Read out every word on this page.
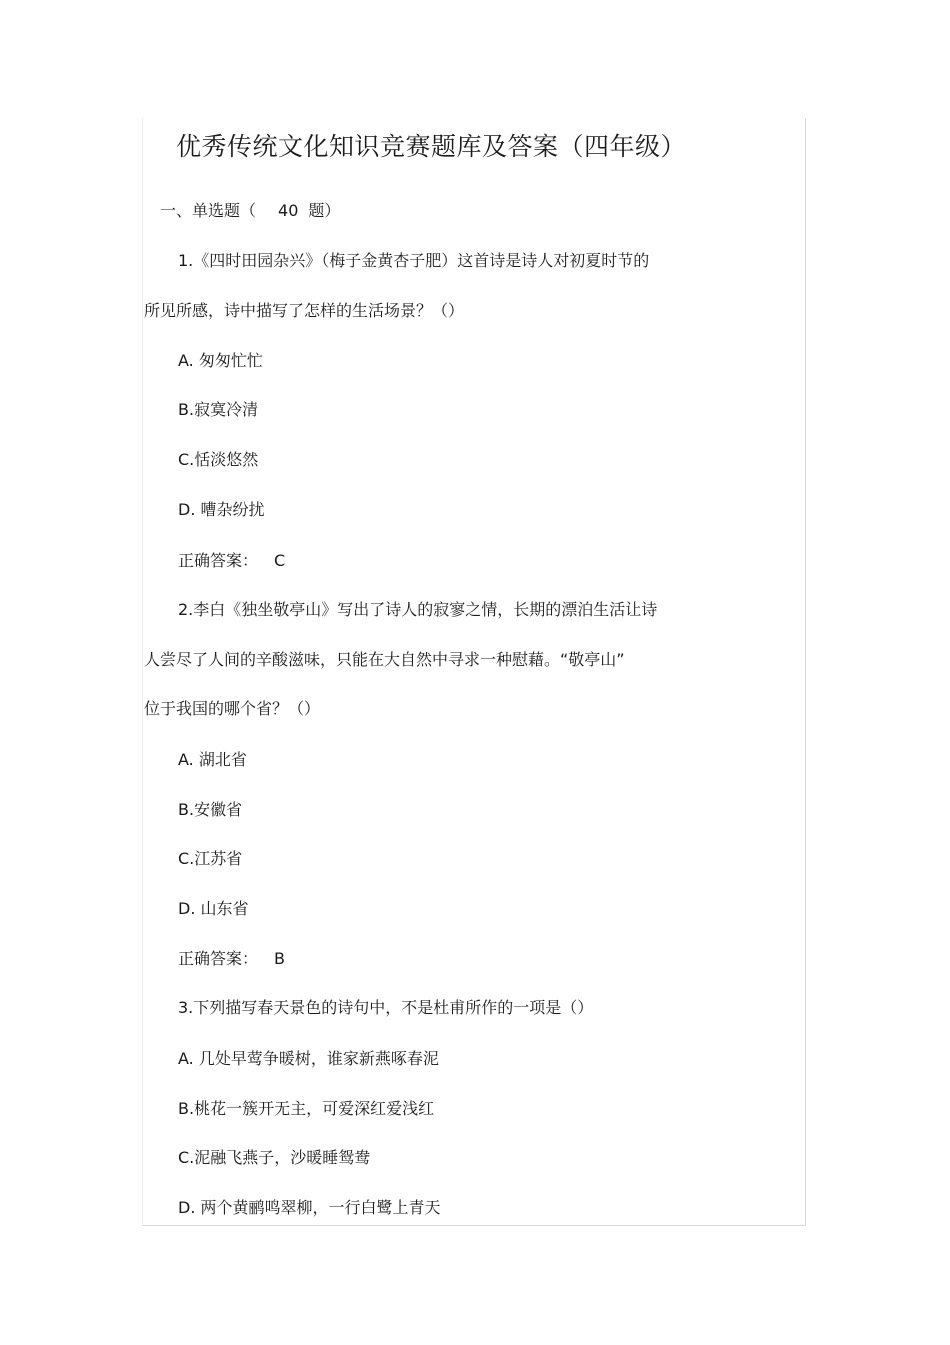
优秀传统文化知识竞赛题库及答案（四年级）
一、单选题（ 40 题）
1.《四时田园杂兴》（梅子金黄杏子肥）这首诗是诗人对初夏时节的
所见所感，诗中描写了怎样的生活场景？（）
A. 匆匆忙忙
B.寂寞冷清
C.恬淡悠然
D. 嘈杂纷扰
正确答案： C
2.李白《独坐敬亭山》写出了诗人的寂寥之情，长期的漂泊生活让诗
人尝尽了人间的辛酸滋味，只能在大自然中寻求一种慰藉。“敬亭山”
位于我国的哪个省？（）
A. 湖北省
B.安徽省
C.江苏省
D. 山东省
正确答案： B
3.下列描写春天景色的诗句中，不是杜甫所作的一项是（）
A. 几处早莺争暖树，谁家新燕啄春泥
B.桃花一簇开无主，可爱深红爱浅红
C.泥融飞燕子，沙暖睡鸳鸯
D. 两个黄鹂鸣翠柳，一行白鹭上青天
